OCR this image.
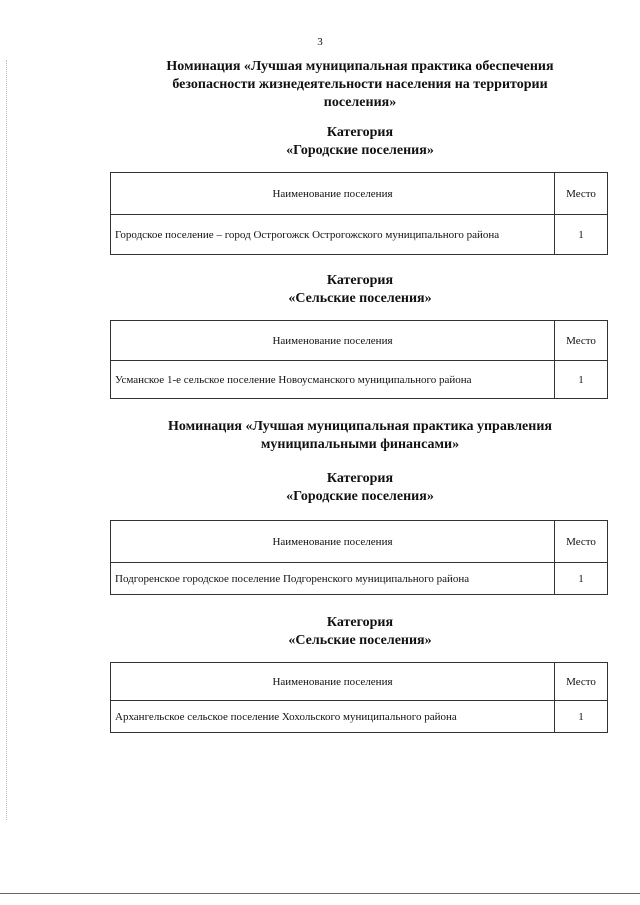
3
Номинация «Лучшая муниципальная практика обеспечения
безопасности жизнедеятельности населения на территории
поселения»
Категория
«Городские поселения»
Наименование поселения	Место
Городское поселение – город Острогожск Острогожского муниципального района	1
Категория
«Сельские поселения»
Наименование поселения	Место
Усманское 1-е сельское поселение Новоусманского муниципального района	1
Номинация «Лучшая муниципальная практика управления
муниципальными финансами»
Категория
«Городские поселения»
Наименование поселения	Место
Подгоренское городское поселение Подгоренского муниципального района	1
Категория
«Сельские поселения»
Наименование поселения	Место
Архангельское сельское поселение Хохольского муниципального района	1
